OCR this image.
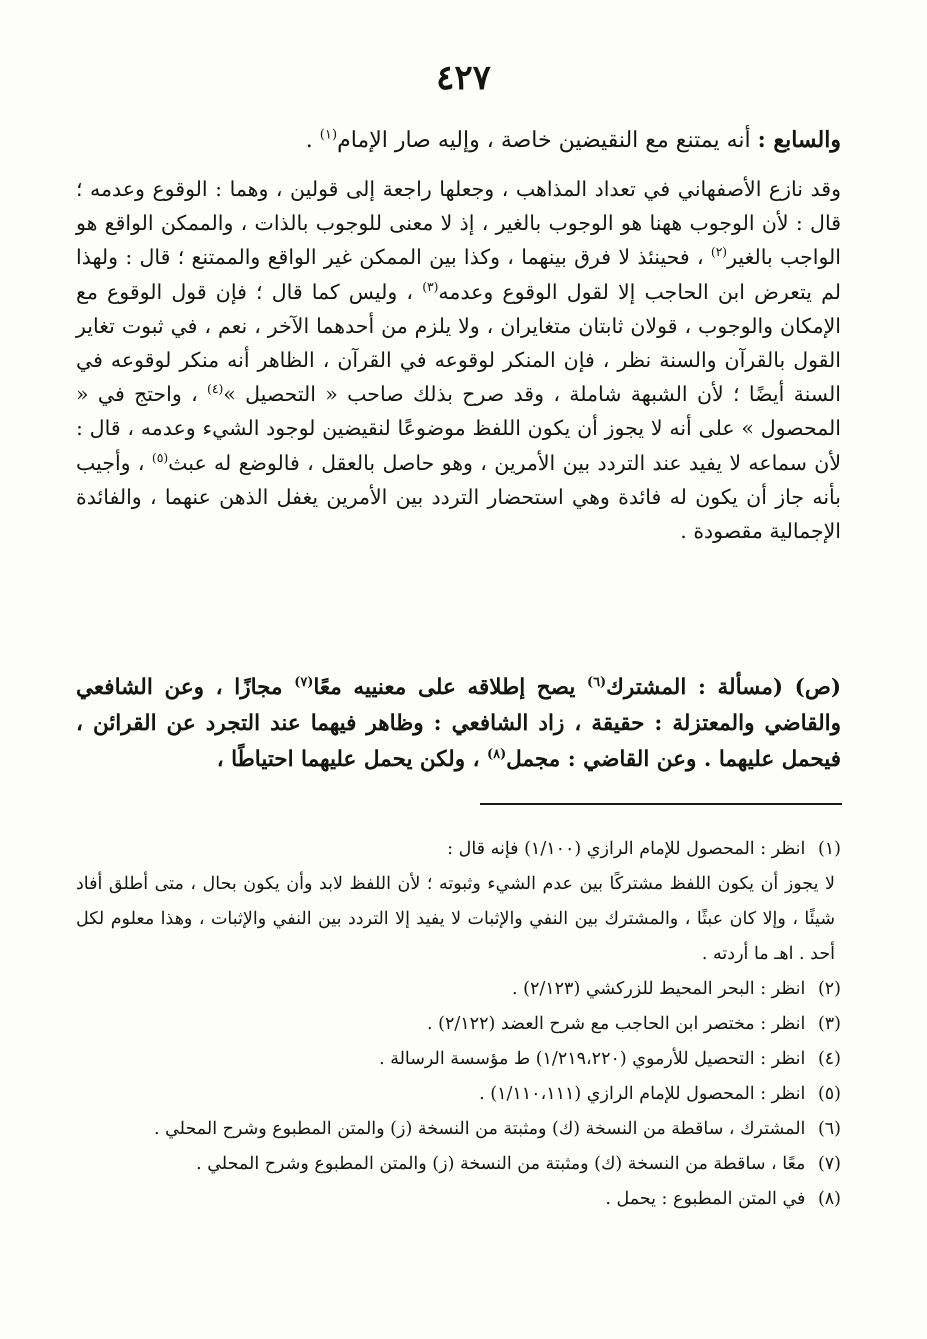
٤٢٧
والسابع : أنه يمتنع مع النقيضين خاصة ، وإليه صار الإمام$^{(١)}$ .
وقد نازع الأصفهاني في تعداد المذاهب ، وجعلها راجعة إلى قولين ، وهما : الوقوع وعدمه ؛ قال : لأن الوجوب ههنا هو الوجوب بالغير ، إذ لا معنى للوجوب بالذات ، والممكن الواقع هو الواجب بالغير$^{(٢)}$ ، فحينئذ لا فرق بينهما ، وكذا بين الممكن غير الواقع والممتنع ؛ قال : ولهذا لم يتعرض ابن الحاجب إلا لقول الوقوع وعدمه$^{(٣)}$ ، وليس كما قال ؛ فإن قول الوقوع مع الإمكان والوجوب ، قولان ثابتان متغايران ، ولا يلزم من أحدهما الآخر ، نعم ، في ثبوت تغاير القول بالقرآن والسنة نظر ، فإن المنكر لوقوعه في القرآن ، الظاهر أنه منكر لوقوعه في السنة أيضًا ؛ لأن الشبهة شاملة ، وقد صرح بذلك صاحب « التحصيل »$^{(٤)}$ ، واحتج في « المحصول » على أنه لا يجوز أن يكون اللفظ موضوعًا لنقيضين لوجود الشيء وعدمه ، قال : لأن سماعه لا يفيد عند التردد بين الأمرين ، وهو حاصل بالعقل ، فالوضع له عبث$^{(٥)}$ ، وأجيب بأنه جاز أن يكون له فائدة وهي استحضار التردد بين الأمرين يغفل الذهن عنهما ، والفائدة الإجمالية مقصودة .
(ص) (مسألة : المشترك$^{(٦)}$ يصح إطلاقه على معنييه معًا$^{(٧)}$ مجازًا ، وعن الشافعي والقاضي والمعتزلة : حقيقة ، زاد الشافعي : وظاهر فيهما عند التجرد عن القرائن ، فيحمل عليهما . وعن القاضي : مجمل$^{(٨)}$ ، ولكن يحمل عليهما احتياطًا ،
(١) انظر : المحصول للإمام الرازي (١/١٠٠) فإنه قال :
لا يجوز أن يكون اللفظ مشتركًا بين عدم الشيء وثبوته ؛ لأن اللفظ لابد وأن يكون بحال ، متى أطلق أفاد شيئًا ، وإلا كان عبثًا ، والمشترك بين النفي والإثبات لا يفيد إلا التردد بين النفي والإثبات ، وهذا معلوم لكل أحد . اهـ ما أردته .
(٢) انظر : البحر المحيط للزركشي (٢/١٢٣) .
(٣) انظر : مختصر ابن الحاجب مع شرح العضد (٢/١٢٢) .
(٤) انظر : التحصيل للأرموي (١/٢١٩،٢٢٠) ط مؤسسة الرسالة .
(٥) انظر : المحصول للإمام الرازي (١/١١٠،١١١) .
(٦) المشترك ، ساقطة من النسخة (ك) ومثبتة من النسخة (ز) والمتن المطبوع وشرح المحلي .
(٧) معًا ، ساقطة من النسخة (ك) ومثبتة من النسخة (ز) والمتن المطبوع وشرح المحلي .
(٨) في المتن المطبوع : يحمل .
